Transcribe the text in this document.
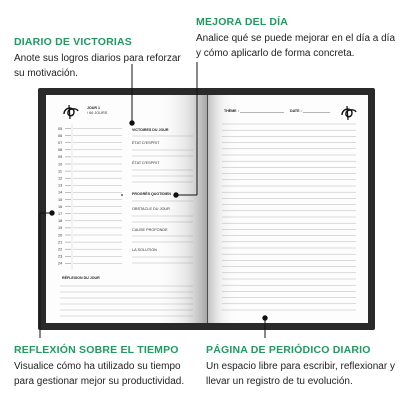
DIARIO DE VICTORIAS

Anote sus logros diarios para reforzar su motivación.

MEJORA DEL DÍA

Analice qué se puede mejorar en el día a día y cómo aplicarlo de forma concreta.

REFLEXIÓN SOBRE EL TIEMPO

Visualice cómo ha utilizado su tiempo para gestionar mejor su productividad.

PÁGINA DE PERIÓDICO DIARIO

Un espacio libre para escribir, reflexionar y llevar un registro de tu evolución.

JOUR 1
/ 66 JOURS
05
06
07
08
09
10
11
12
13
14
15
16
17
18
19
20
21
22
23
24
VICTOIRES DU JOUR
ÉTAT D'ESPRIT
ÉTAT D'ESPRIT
PROGRÈS QUOTIDIEN
OBSTACLE DU JOUR
CAUSE PROFONDE
LA SOLUTION
RÉFLEXION DU JOUR
THÈME :	DATE :
